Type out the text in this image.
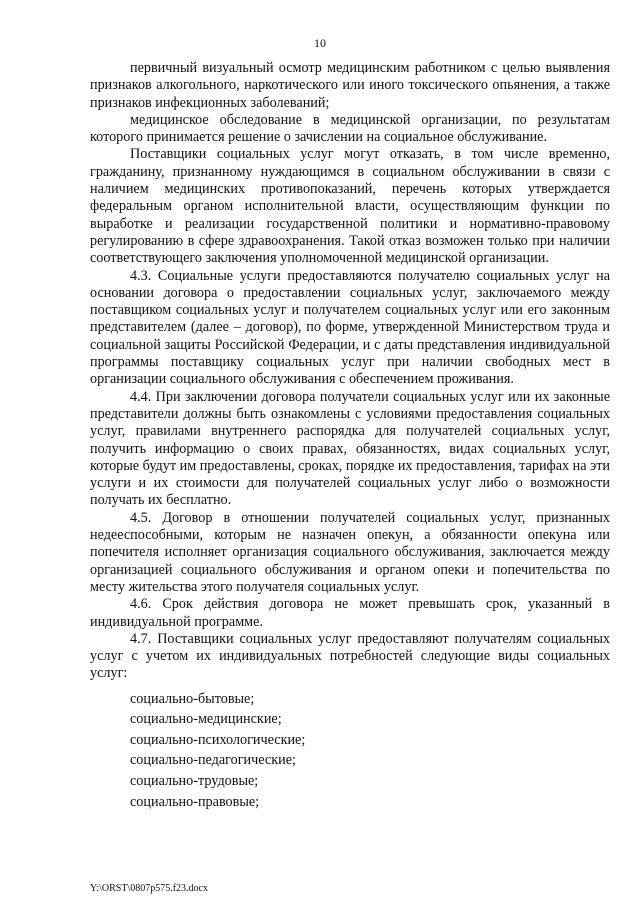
10

первичный визуальный осмотр медицинским работником с целью выявления признаков алкогольного, наркотического или иного токсического опьянения, а также признаков инфекционных заболеваний;

медицинское обследование в медицинской организации, по результатам которого принимается решение о зачислении на социальное обслуживание.

Поставщики социальных услуг могут отказать, в том числе временно, гражданину, признанному нуждающимся в социальном обслуживании в связи с наличием медицинских противопоказаний, перечень которых утверждается федеральным органом исполнительной власти, осуществляющим функции по выработке и реализации государственной политики и нормативно-правовому регулированию в сфере здравоохранения. Такой отказ возможен только при наличии соответствующего заключения уполномоченной медицинской организации.

4.3. Социальные услуги предоставляются получателю социальных услуг на основании договора о предоставлении социальных услуг, заключаемого между поставщиком социальных услуг и получателем социальных услуг или его законным представителем (далее – договор), по форме, утвержденной Министерством труда и социальной защиты Российской Федерации, и с даты представления индивидуальной программы поставщику социальных услуг при наличии свободных мест в организации социального обслуживания с обеспечением проживания.

4.4. При заключении договора получатели социальных услуг или их законные представители должны быть ознакомлены с условиями предоставления социальных услуг, правилами внутреннего распорядка для получателей социальных услуг, получить информацию о своих правах, обязанностях, видах социальных услуг, которые будут им предоставлены, сроках, порядке их предоставления, тарифах на эти услуги и их стоимости для получателей социальных услуг либо о возможности получать их бесплатно.

4.5. Договор в отношении получателей социальных услуг, признанных недееспособными, которым не назначен опекун, а обязанности опекуна или попечителя исполняет организация социального обслуживания, заключается между организацией социального обслуживания и органом опеки и попечительства по месту жительства этого получателя социальных услуг.

4.6. Срок действия договора не может превышать срок, указанный в индивидуальной программе.

4.7. Поставщики социальных услуг предоставляют получателям социальных услуг с учетом их индивидуальных потребностей следующие виды социальных услуг:

социально-бытовые;

социально-медицинские;

социально-психологические;

социально-педагогические;

социально-трудовые;

социально-правовые;

Y:\ORST\0807p575.f23.docx
